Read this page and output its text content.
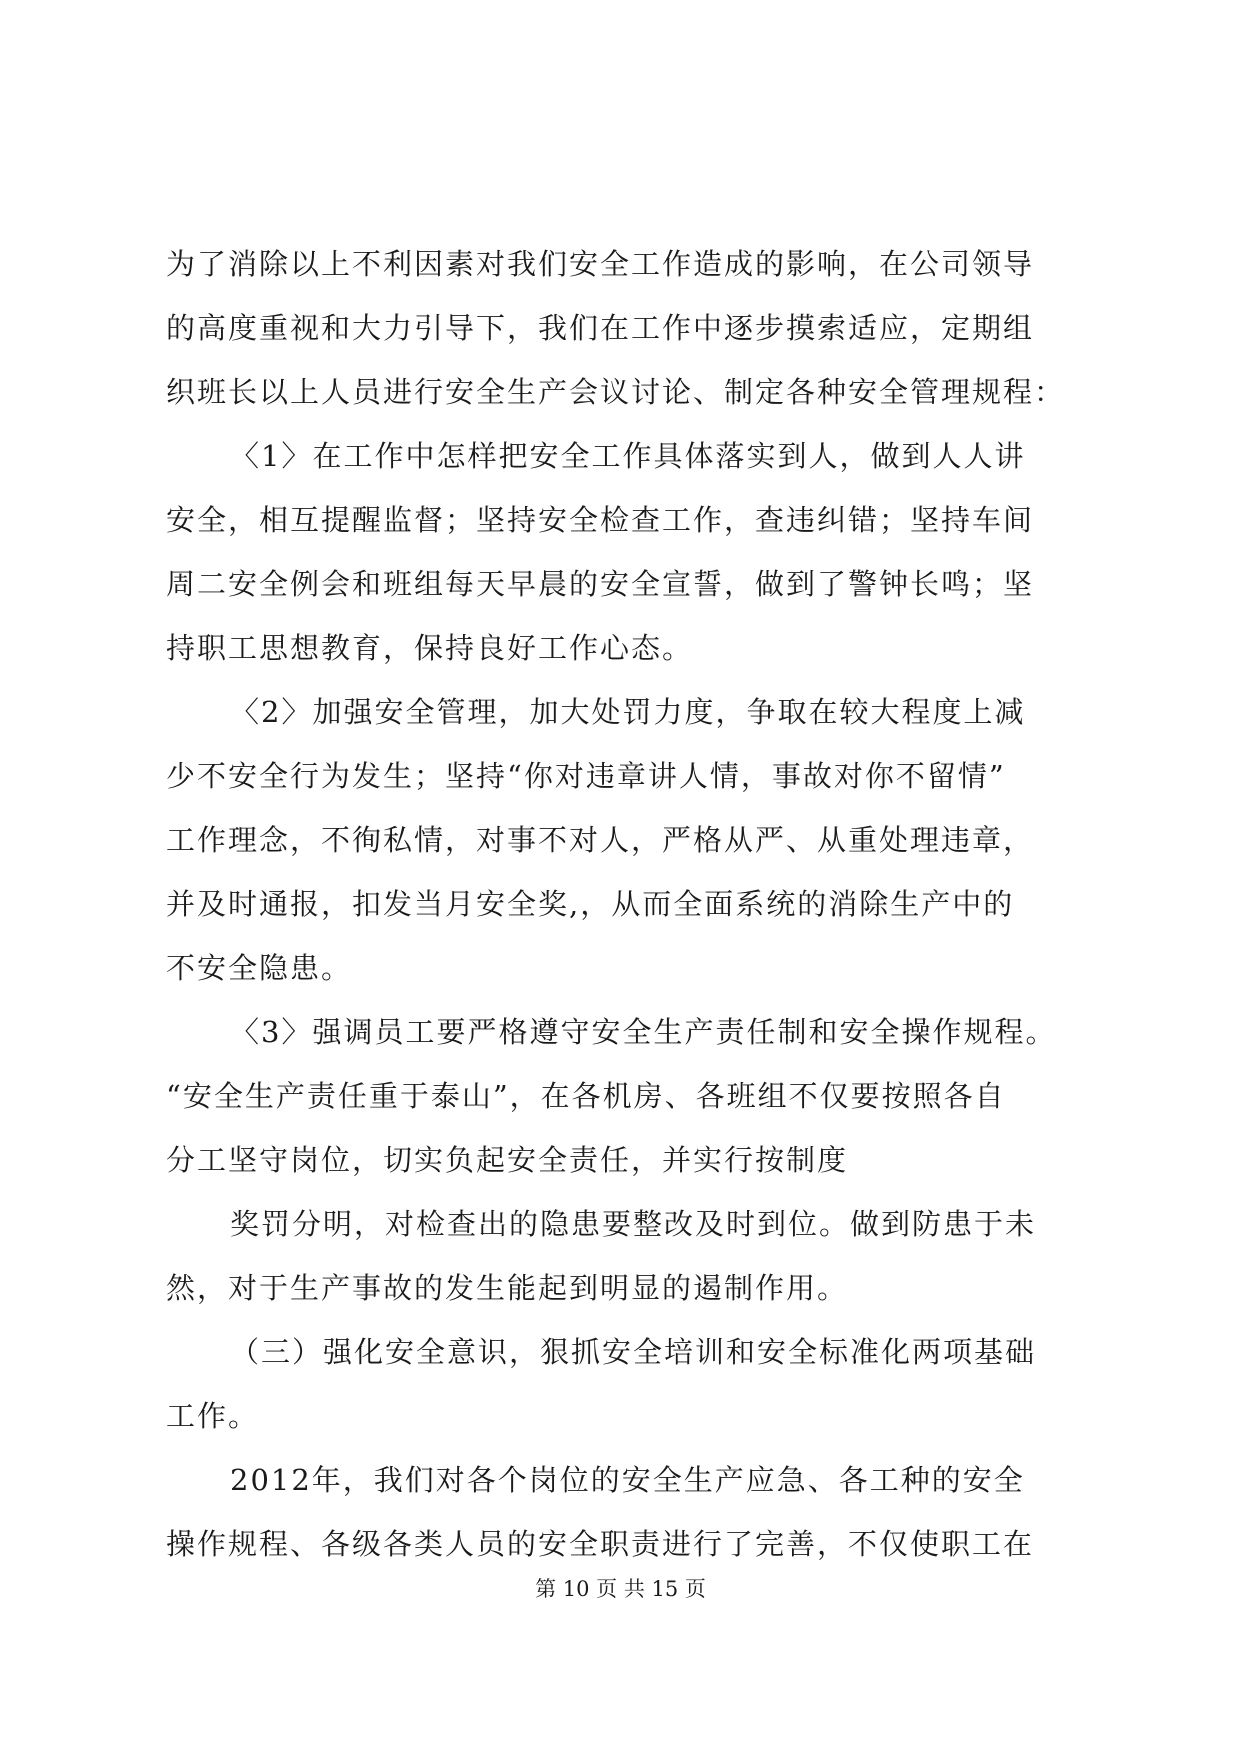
为了消除以上不利因素对我们安全工作造成的影响，在公司领导
的高度重视和大力引导下，我们在工作中逐步摸索适应，定期组
织班长以上人员进行安全生产会议讨论、制定各种安全管理规程：
〈1〉在工作中怎样把安全工作具体落实到人，做到人人讲
安全，相互提醒监督；坚持安全检查工作，查违纠错；坚持车间
周二安全例会和班组每天早晨的安全宣誓，做到了警钟长鸣；坚
持职工思想教育，保持良好工作心态。
〈2〉加强安全管理，加大处罚力度，争取在较大程度上减
少不安全行为发生；坚持“你对违章讲人情，事故对你不留情”
工作理念，不徇私情，对事不对人，严格从严、从重处理违章，
并及时通报，扣发当月安全奖,，从而全面系统的消除生产中的
不安全隐患。
〈3〉强调员工要严格遵守安全生产责任制和安全操作规程。
“安全生产责任重于泰山”，在各机房、各班组不仅要按照各自
分工坚守岗位，切实负起安全责任，并实行按制度
奖罚分明，对检查出的隐患要整改及时到位。做到防患于未
然，对于生产事故的发生能起到明显的遏制作用。
（三）强化安全意识，狠抓安全培训和安全标准化两项基础
工作。
2012年，我们对各个岗位的安全生产应急、各工种的安全
操作规程、各级各类人员的安全职责进行了完善，不仅使职工在
第 10 页 共 15 页
